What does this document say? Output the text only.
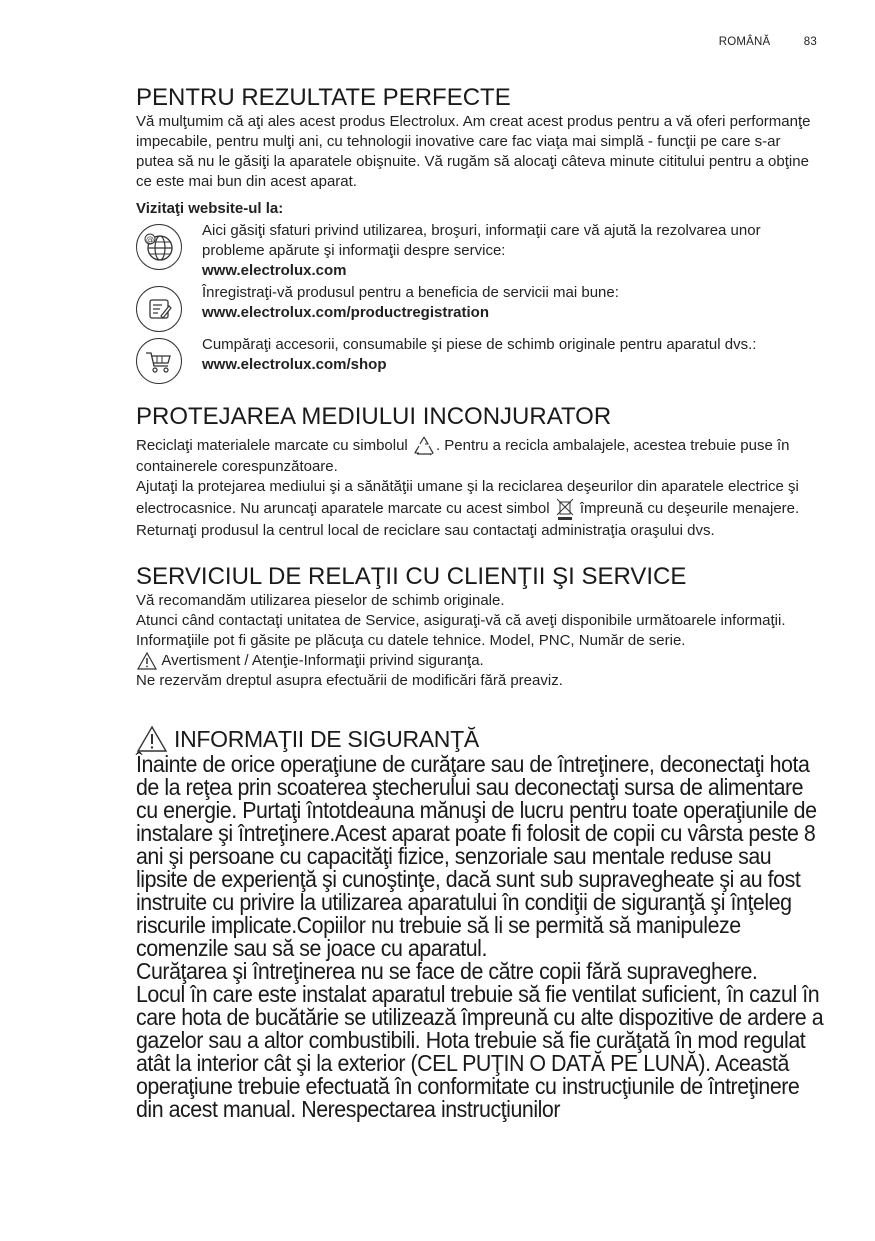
ROMÂNĂ	83
PENTRU REZULTATE PERFECTE

Vă mulţumim că aţi ales acest produs Electrolux. Am creat acest produs pentru a vă oferi performanţe impecabile, pentru mulţi ani, cu tehnologii inovative care fac viaţa mai simplă - funcţii pe care s-ar putea să nu le găsiţi la aparatele obişnuite. Vă rugăm să alocaţi câteva minute cititului pentru a obţine ce este mai bun din acest aparat.

Vizitaţi website-ul la:
@

Aici găsiţi sfaturi privind utilizarea, broşuri, informaţii care vă ajută la rezolvarea unor probleme apărute şi informaţii despre service:

www.electrolux.com

Înregistraţi-vă produsul pentru a beneficia de servicii mai bune:

www.electrolux.com/productregistration

Cumpăraţi accesorii, consumabile şi piese de schimb originale pentru aparatul dvs.:

www.electrolux.com/shop

PROTEJAREA MEDIULUI INCONJURATOR

Reciclaţi materialele marcate cu simbolul . Pentru a recicla ambalajele, acestea trebuie puse în containerele corespunzătoare.

Ajutaţi la protejarea mediului şi a sănătăţii umane şi la reciclarea deşeurilor din aparatele electrice şi electrocasnice. Nu aruncaţi aparatele marcate cu acest simbol împreună cu deşeurile menajere. Returnaţi produsul la centrul local de reciclare sau contactaţi administraţia oraşului dvs.

SERVICIUL DE RELAŢII CU CLIENŢII ŞI SERVICE

Vă recomandăm utilizarea pieselor de schimb originale.

Atunci când contactaţi unitatea de Service, asiguraţi-vă că aveţi disponibile următoarele informaţii.

Informaţiile pot fi găsite pe plăcuţa cu datele tehnice. Model, PNC, Număr de serie.

Avertisment / Atenţie-Informaţii privind siguranţa.

Ne rezervăm dreptul asupra efectuării de modificări fără preaviz.

INFORMAŢII DE SIGURANŢĂ

Înainte de orice operaţiune de curăţare sau de întreţinere, deconectaţi hota de la reţea prin scoaterea ştecherului sau deconectaţi sursa de alimentare cu energie. Purtaţi întotdeauna mănuşi de lucru pentru toate operaţiunile de instalare şi întreţinere.Acest aparat poate fi folosit de copii cu vârsta peste 8 ani şi persoane cu capacităţi fizice, senzoriale sau mentale reduse sau lipsite de experienţă şi cunoştinţe, dacă sunt sub supravegheate şi au fost instruite cu privire la utilizarea aparatului în condiţii de siguranţă şi înţeleg riscurile implicate.Copiilor nu trebuie să li se permită să manipuleze comenzile sau să se joace cu aparatul.

Curăţarea şi întreţinerea nu se face de către copii fără supraveghere.

Locul în care este instalat aparatul trebuie să fie ventilat suficient, în cazul în care hota de bucătărie se utilizează împreună cu alte dispozitive de ardere a gazelor sau a altor combustibili. Hota trebuie să fie curăţată în mod regulat atât la interior cât şi la exterior (CEL PUŢIN O DATĂ PE LUNĂ). Această operaţiune trebuie efectuată în conformitate cu instrucţiunile de întreţinere din acest manual. Nerespectarea instrucţiunilor
